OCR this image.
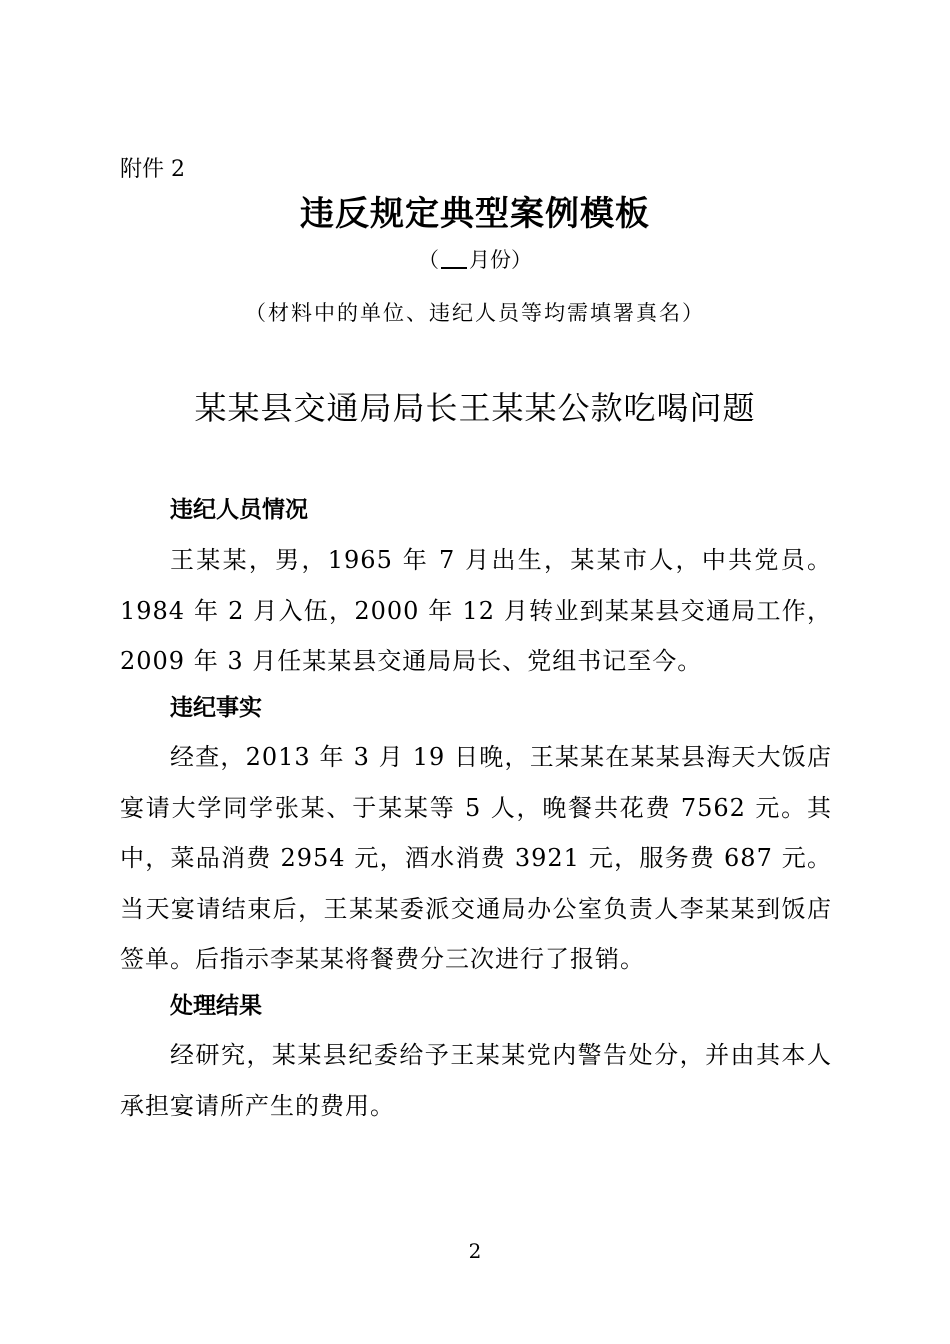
附件 2
违反规定典型案例模板
（ 月份）
（材料中的单位、违纪人员等均需填署真名）
某某县交通局局长王某某公款吃喝问题
违纪人员情况
王某某，男，1965 年 7 月出生，某某市人，中共党员。1984 年 2 月入伍，2000 年 12 月转业到某某县交通局工作，2009 年 3 月任某某县交通局局长、党组书记至今。
违纪事实
经查，2013 年 3 月 19 日晚，王某某在某某县海天大饭店宴请大学同学张某、于某某等 5 人，晚餐共花费 7562 元。其中，菜品消费 2954 元，酒水消费 3921 元，服务费 687 元。当天宴请结束后，王某某委派交通局办公室负责人李某某到饭店签单。后指示李某某将餐费分三次进行了报销。
处理结果
经研究，某某县纪委给予王某某党内警告处分，并由其本人承担宴请所产生的费用。
2
